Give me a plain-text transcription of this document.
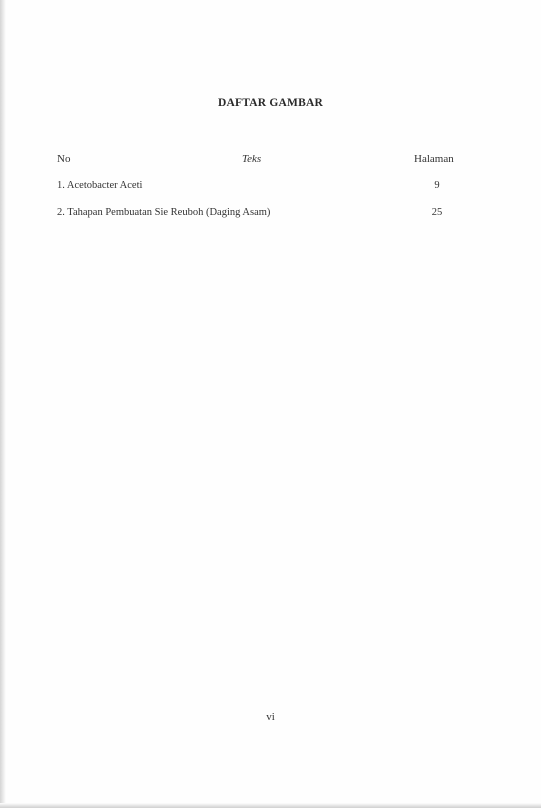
DAFTAR GAMBAR
No	Teks	Halaman
.....
1. Acetobacter Aceti	9
.....
2. Tahapan Pembuatan Sie Reuboh (Daging Asam)	25
vi
